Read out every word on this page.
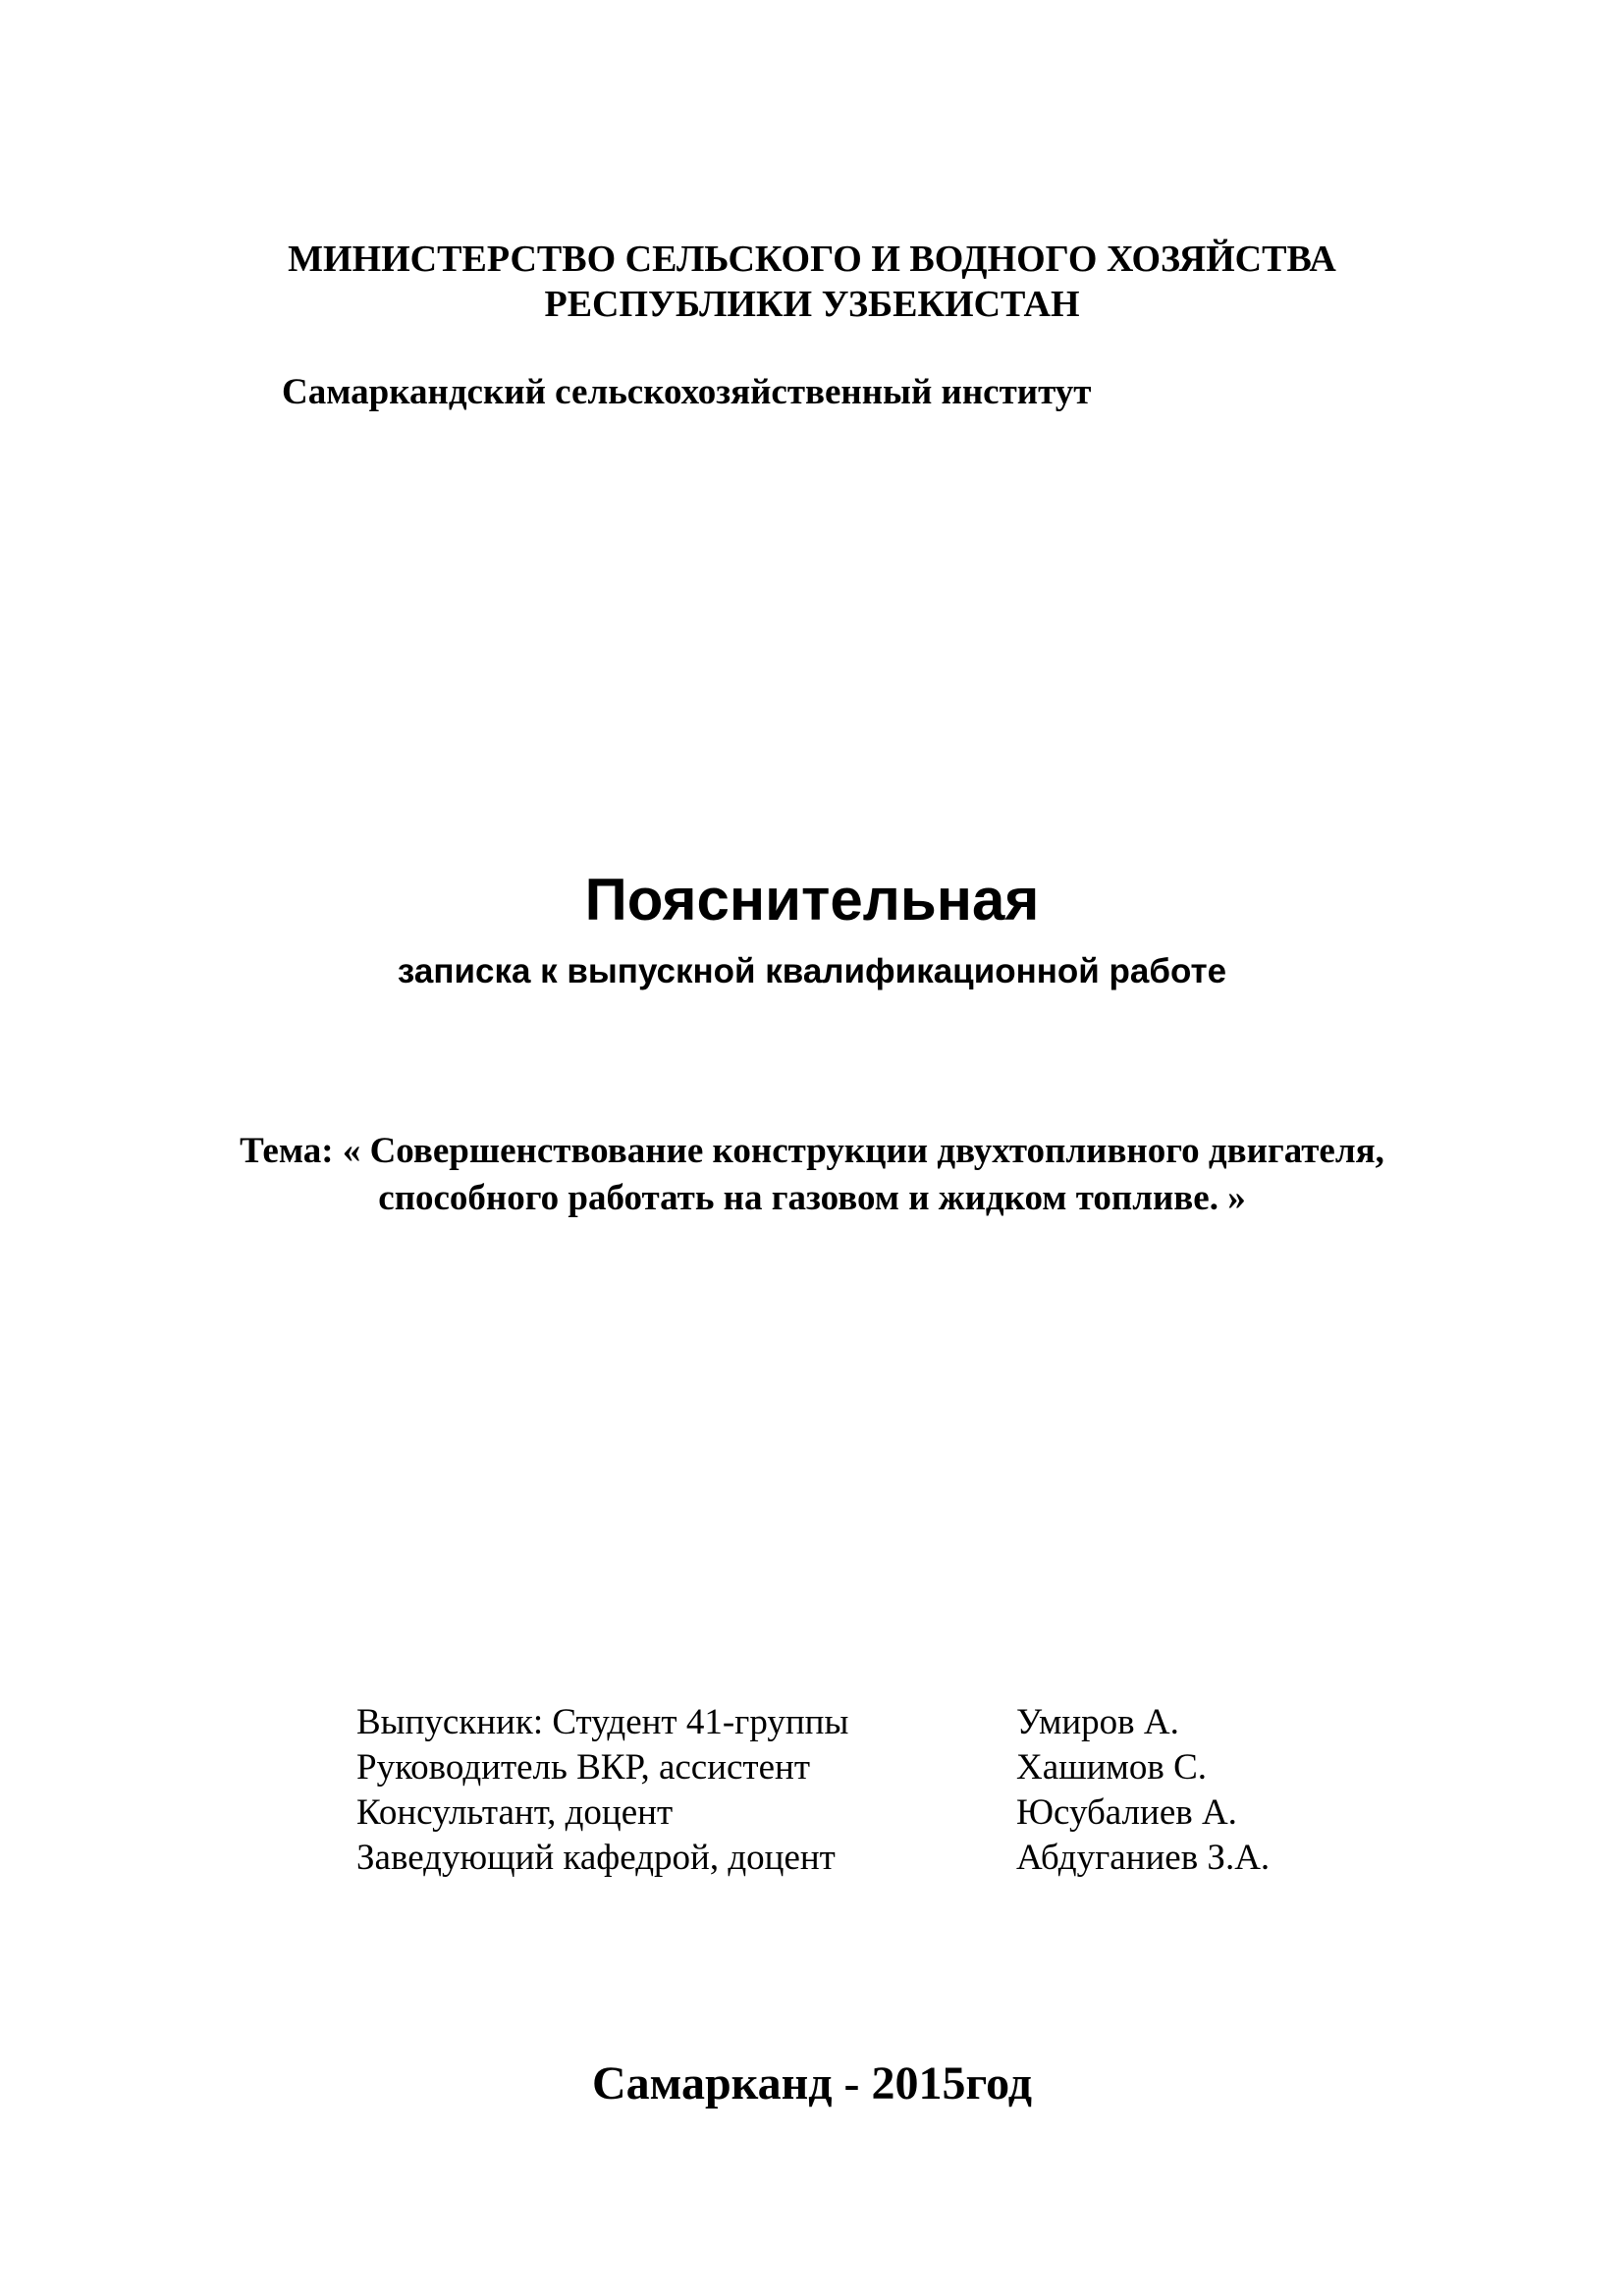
МИНИСТЕРСТВО СЕЛЬСКОГО И ВОДНОГО ХОЗЯЙСТВА
РЕСПУБЛИКИ УЗБЕКИСТАН
Самаркандский сельскохозяйственный институт
Пояснительная
записка к выпускной квалификационной работе
Тема: « Совершенствование конструкции двухтопливного двигателя,
способного работать на газовом и жидком топливе. »
Выпускник: Студент 41-группы	Умиров А.
Руководитель ВКР, ассистент	Хашимов С.
Консультант, доцент	Юсубалиев А.
Заведующий кафедрой, доцент	Абдуганиев З.А.
Самарканд - 2015год
